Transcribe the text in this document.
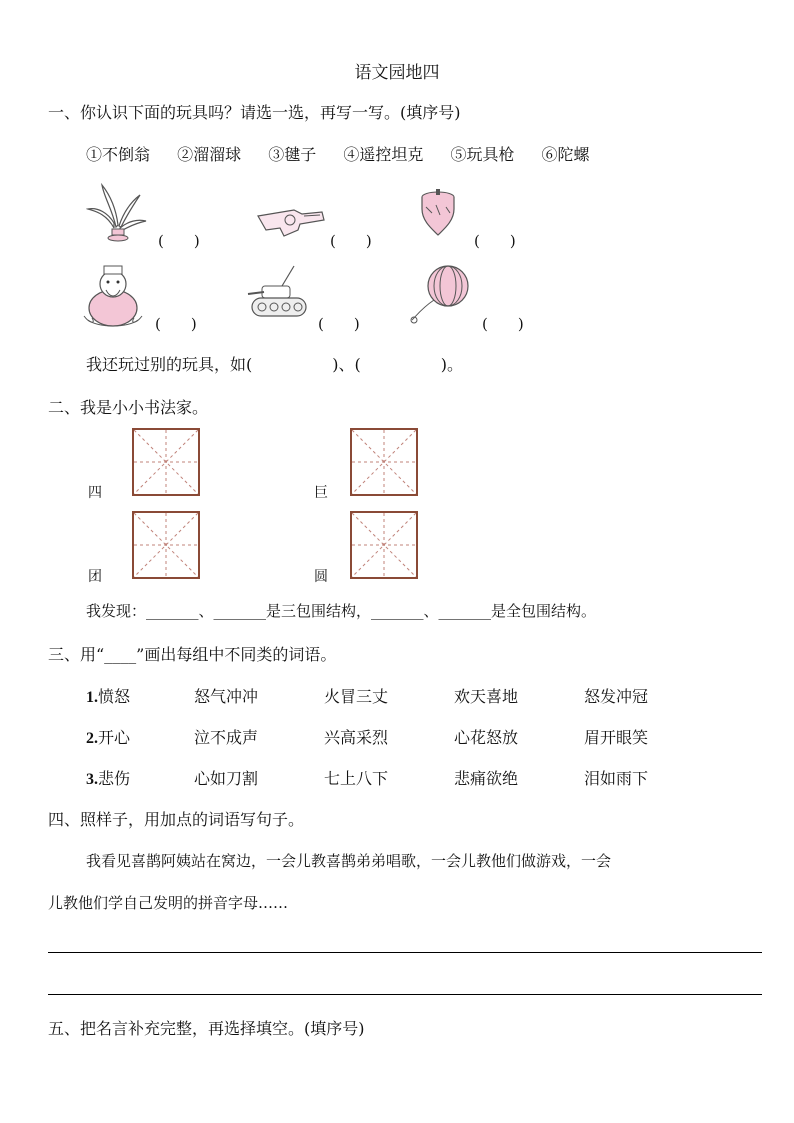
语文园地四
一、你认识下面的玩具吗？请选一选，再写一写。(填序号)
①不倒翁 ②溜溜球 ③毽子 ④遥控坦克 ⑤玩具枪 ⑥陀螺
(　　)	(　　)	(　　)
(　　)	(　　)	(　　)
我还玩过别的玩具，如(　　　　　)、(　　　　　)。
二、我是小小书法家。
四	巨
团	圆
我发现：_______、_______是三包围结构，_______、_______是全包围结构。
三、用“____”画出每组中不同类的词语。
1.愤怒	怒气冲冲	火冒三丈	欢天喜地	怒发冲冠
2.开心	泣不成声	兴高采烈	心花怒放	眉开眼笑
3.悲伤	心如刀割	七上八下	悲痛欲绝	泪如雨下
四、照样子，用加点的词语写句子。
我看见喜鹊阿姨站在窝边，一会儿教喜鹊弟弟唱歌，一会儿教他们做游戏，一会
儿教他们学自己发明的拼音字母……
五、把名言补充完整，再选择填空。(填序号)
